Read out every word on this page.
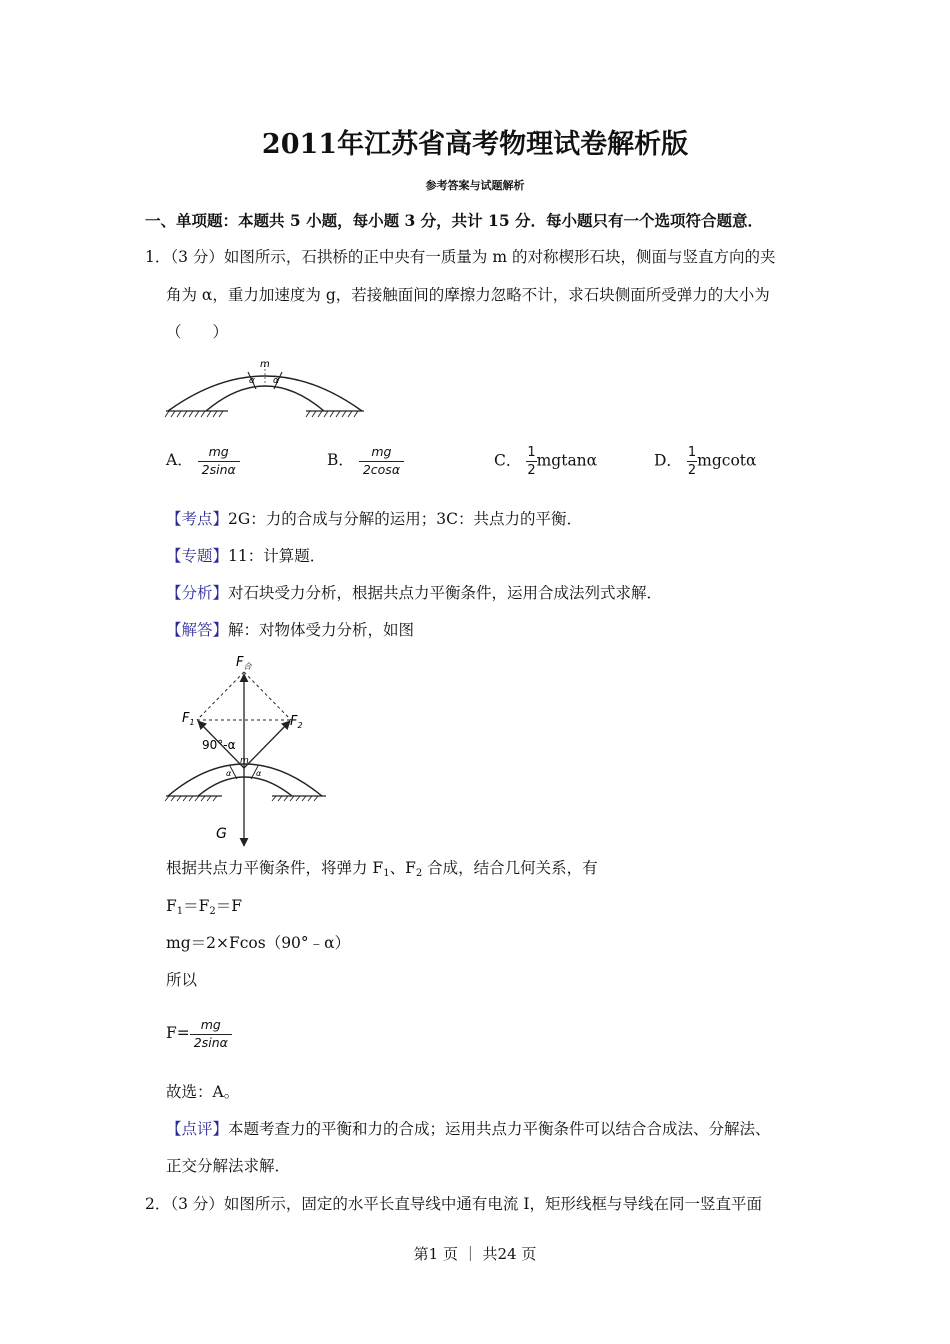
2011年江苏省高考物理试卷解析版
参考答案与试题解析
一、单项题：本题共 5 小题，每小题 3 分，共计 15 分．每小题只有一个选项符合题意．
1．（3 分）如图所示，石拱桥的正中央有一质量为 m 的对称楔形石块，侧面与竖直方向的夹
角为 α，重力加速度为 g，若接触面间的摩擦力忽略不计，求石块侧面所受弹力的大小为
（　　）
m
α α
A． $\frac{mg}{2\sin\alpha}$	B． $\frac{mg}{2\cos\alpha}$	C． $\frac{1}{2}$ mgtanα	D． $\frac{1}{2}$ mgcotα
【考点】2G：力的合成与分解的运用；3C：共点力的平衡．
【专题】11：计算题．
【分析】对石块受力分析，根据共点力平衡条件，运用合成法列式求解．
【解答】解：对物体受力分析，如图
$F_合$
$F_1$	$F_2$
90°-α
m
α	α
G
根据共点力平衡条件，将弹力 $F_1$、$F_2$ 合成，结合几何关系，有
$F_1=F_2=F$
mg＝2×Fcos（90°﹣α）
所以
$F= \frac{mg}{2\sin\alpha}$
故选：A。
【点评】本题考查力的平衡和力的合成；运用共点力平衡条件可以结合合成法、分解法、
正交分解法求解．
2．（3 分）如图所示，固定的水平长直导线中通有电流 I，矩形线框与导线在同一竖直平面
第1 页 ｜ 共24 页
